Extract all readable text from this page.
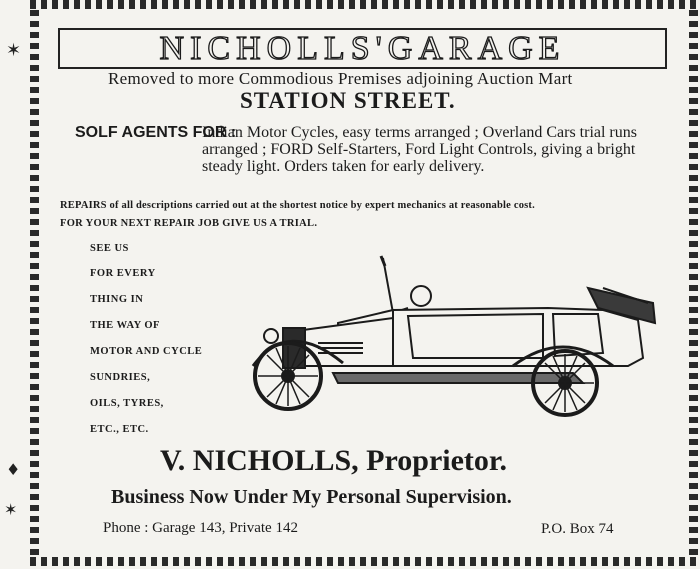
NICHOLLS'GARAGE
Removed to more Commodious Premises adjoining Auction Mart
STATION STREET.
SOLF AGENTS FOR :
Indian Motor Cycles, easy terms arranged ; Overland Cars trial runs arranged ; FORD Self-Starters, Ford Light Controls, giving a bright steady light. Orders taken for early delivery.
REPAIRS of all descriptions carried out at the shortest notice by expert mechanics at reasonable cost.
FOR YOUR NEXT REPAIR JOB GIVE US A TRIAL.
SEE US
FOR EVERY
THING IN
THE WAY OF
MOTOR AND CYCLE
SUNDRIES,
OILS, TYRES,
ETC., ETC.
V. NICHOLLS, Proprietor.
Business Now Under My Personal Supervision.
Phone : Garage 143, Private 142	P.O. Box 74
✶
♦
✶
